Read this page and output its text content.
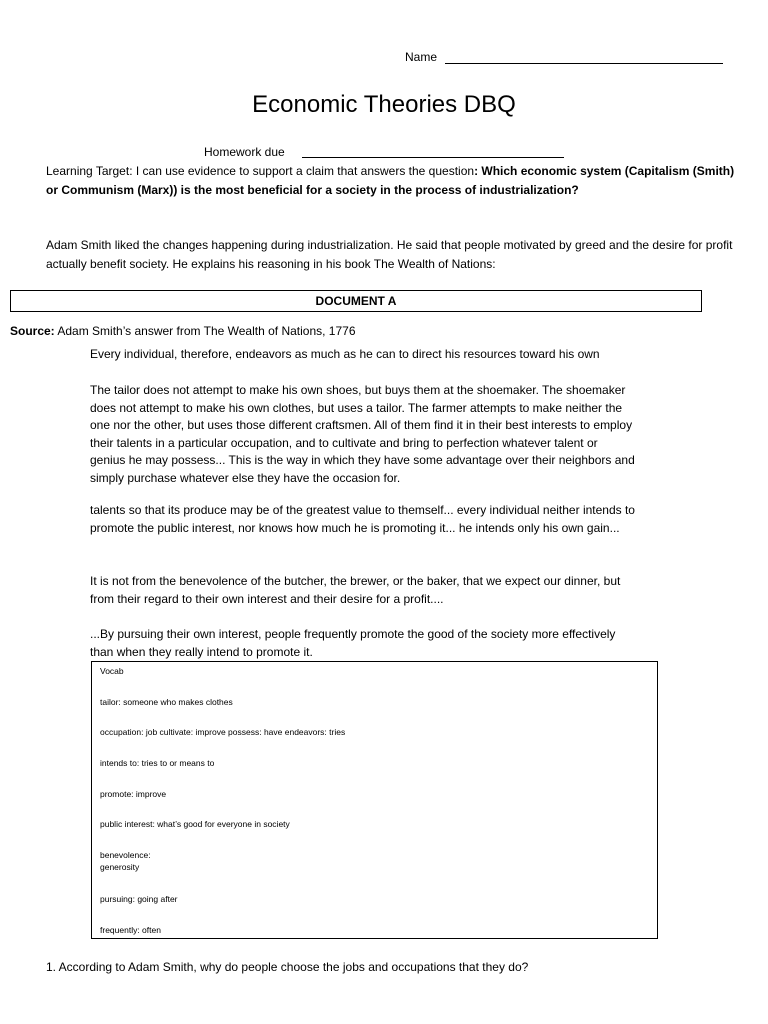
Name
Economic Theories DBQ
Homework due
Learning Target: I can use evidence to support a claim that answers the question: Which economic system (Capitalism (Smith) or Communism (Marx)) is the most beneficial for a society in the process of industrialization?
Adam Smith liked the changes happening during industrialization. He said that people motivated by greed and the desire for profit actually benefit society. He explains his reasoning in his book The Wealth of Nations:
DOCUMENT A
Source: Adam Smith’s answer from The Wealth of Nations, 1776
Every individual, therefore, endeavors as much as he can to direct his resources toward his own
The tailor does not attempt to make his own shoes, but buys them at the shoemaker. The shoemaker does not attempt to make his own clothes, but uses a tailor. The farmer attempts to make neither the one nor the other, but uses those different craftsmen. All of them find it in their best interests to employ their talents in a particular occupation, and to cultivate and bring to perfection whatever talent or genius he may possess... This is the way in which they have some advantage over their neighbors and simply purchase whatever else they have the occasion for.
talents so that its produce may be of the greatest value to themself... every individual neither intends to promote the public interest, nor knows how much he is promoting it... he intends only his own gain...
It is not from the benevolence of the butcher, the brewer, or the baker, that we expect our dinner, but from their regard to their own interest and their desire for a profit....
...By pursuing their own interest, people frequently promote the good of the society more effectively than when they really intend to promote it.
Vocab
tailor: someone who makes clothes
occupation: job cultivate: improve possess: have endeavors: tries
intends to: tries to or means to
promote: improve
public interest: what’s good for everyone in society
benevolence:
generosity
pursuing: going after
frequently: often
1. According to Adam Smith, why do people choose the jobs and occupations that they do?
